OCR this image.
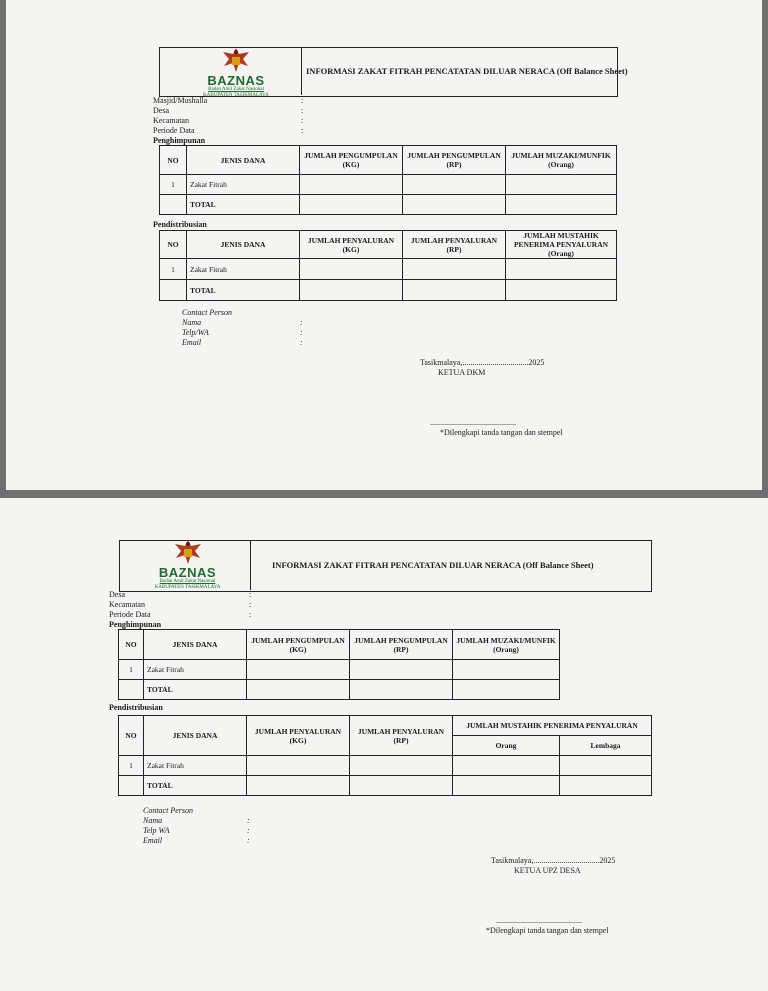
BAZNAS
Badan Amil Zakat Nasional
KABUPATEN TASIKMALAYA
INFORMASI ZAKAT FITRAH PENCATATAN DILUAR NERACA (Off Balance Sheet)
Masjid/Mushalla	:
Desa	:
Kecamatan	:
Periode Data	:
Penghimpunan
NO	JENIS DANA	JUMLAH PENGUMPULAN (KG)	JUMLAH PENGUMPULAN (RP)	JUMLAH MUZAKI/MUNFIK (Orang)
1	Zakat Fitrah			
	TOTAL			
Pendistribusian
NO	JENIS DANA	JUMLAH PENYALURAN (KG)	JUMLAH PENYALURAN (RP)	JUMLAH MUSTAHIK PENERIMA PENYALURAN (Orang)
1	Zakat Fitrah			
	TOTAL			
Contact Person
Nama	:
Telp/WA	:
Email	:
Tasikmalaya,.................................2025
KETUA DKM
...........................................
*Dilengkapi tanda tangan dan stempel
BAZNAS
Badan Amil Zakat Nasional
KABUPATEN TASIKMALAYA
INFORMASI ZAKAT FITRAH PENCATATAN DILUAR NERACA (Off Balance Sheet)
Desa	:
Kecamatan	:
Periode Data	:
Penghimpunan
NO	JENIS DANA	JUMLAH PENGUMPULAN (KG)	JUMLAH PENGUMPULAN (RP)	JUMLAH MUZAKI/MUNFIK (Orang)
1	Zakat Fitrah			
	TOTAL			
Pendistribusian
NO	JENIS DANA	JUMLAH PENYALURAN (KG)	JUMLAH PENYALURAN (RP)	JUMLAH MUSTAHIK PENERIMA PENYALURAN	
				Orang	Lembaga
1	Zakat Fitrah				
	TOTAL				
Contact Person
Nama	:
Telp WA	:
Email	:
Tasikmalaya,.................................2025
KETUA UPZ DESA
...........................................
*Dilengkapi tanda tangan dan stempel
